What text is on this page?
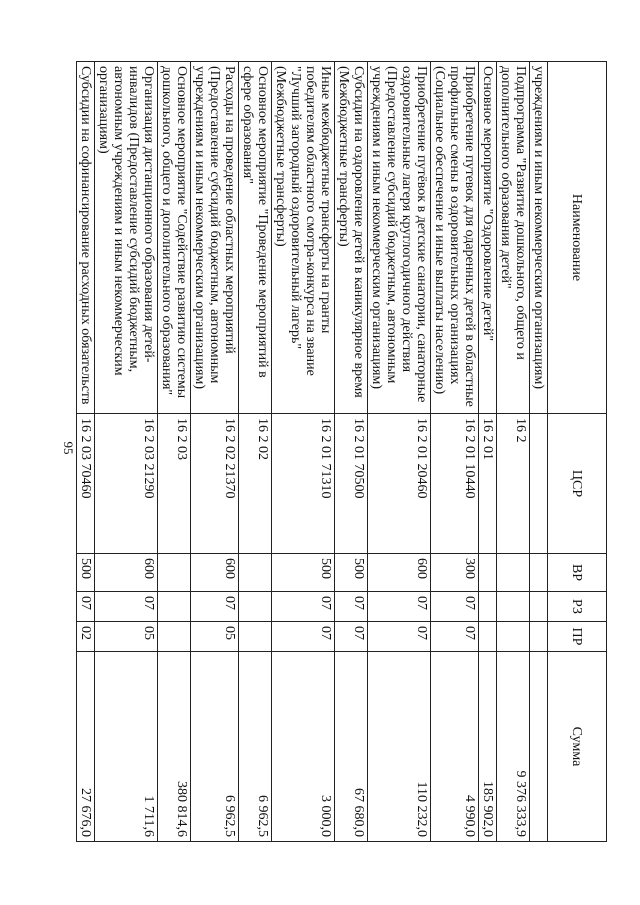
95
Наименование	ЦСР	ВР	РЗ	ПР	Сумма
учреждениям и иным некоммерческим организациям)					
Подпрограмма "Развитие дошкольного, общего и дополнительного образования детей"	16 2				9 376 333,9
Основное мероприятие "Оздоровление детей"	16 2 01				185 902,0
Приобретение путевок для одаренных детей в областные профильные смены в оздоровительных организациях (Социальное обеспечение и иные выплаты населению)	16 2 01 10440	300	07	07	4 990,0
Приобретение путёвок в детские санатории, санаторные оздоровительные лагеря круглогодичного действия (Предоставление субсидий бюджетным, автономным учреждениям и иным некоммерческим организациям)	16 2 01 20460	600	07	07	110 232,0
Субсидии на оздоровление детей в каникулярное время (Межбюджетные трансферты)	16 2 01 70500	500	07	07	67 680,0
Иные межбюджетные трансферты на гранты победителям областного смотра-конкурса на звание "Лучший загородный оздоровительный лагерь" (Межбюджетные трансферты)	16 2 01 71310	500	07	07	3 000,0
Основное мероприятие "Проведение мероприятий в сфере образования"	16 2 02				6 962,5
Расходы на проведение областных мероприятий (Предоставление субсидий бюджетным, автономным учреждениям и иным некоммерческим организациям)	16 2 02 21370	600	07	05	6 962,5
Основное мероприятие "Содействие развитию системы дошкольного, общего и дополнительного образования"	16 2 03				380 814,6
Организация дистанционного образования детей-инвалидов (Предоставление субсидий бюджетным, автономным учреждениям и иным некоммерческим организациям)	16 2 03 21290	600	07	05	1 711,6
Субсидии на софинансирование расходных обязательств	16 2 03 70460	500	07	02	27 676,0
